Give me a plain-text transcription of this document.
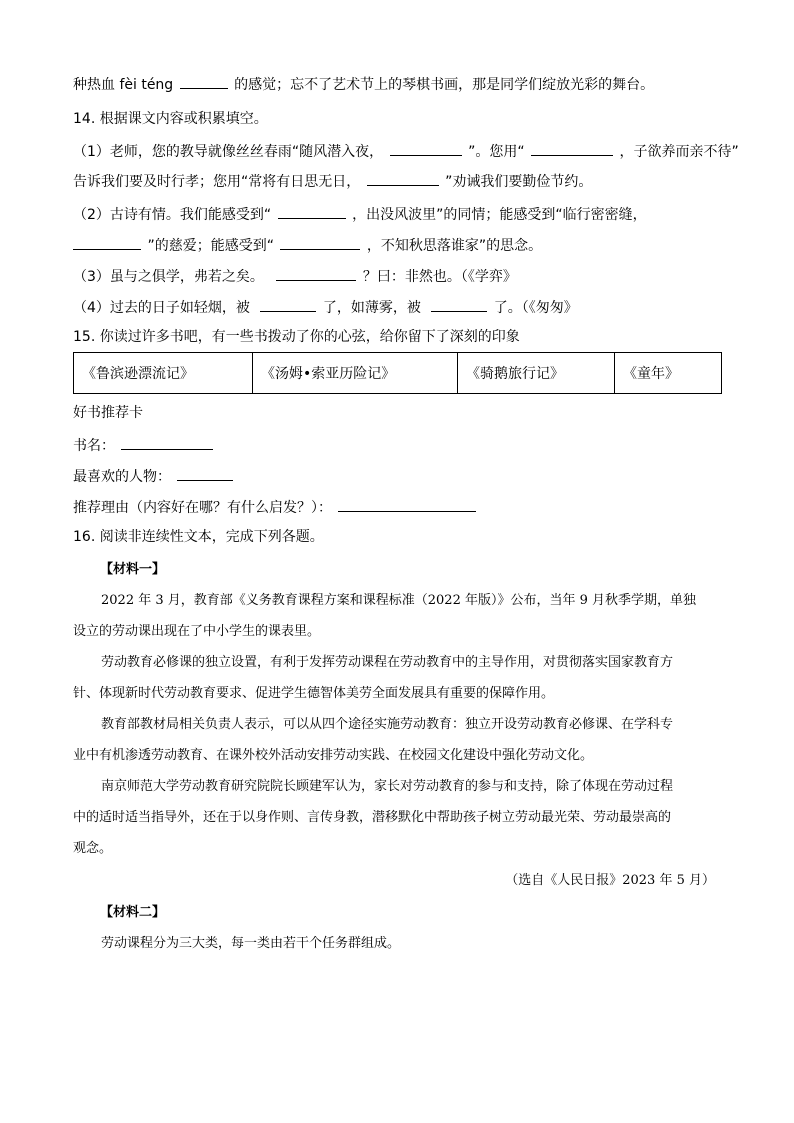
种热血 fèi téng	的感觉；忘不了艺术节上的琴棋书画，那是同学们绽放光彩的舞台。
14. 根据课文内容或积累填空。
（1）老师，您的教导就像丝丝春雨“随风潜入夜，	”。您用“	，子欲养而亲不待”
告诉我们要及时行孝；您用“常将有日思无日，	”劝诫我们要勤俭节约。
（2）古诗有情。我们能感受到“	，出没风波里”的同情；能感受到“临行密密缝，
”的慈爱；能感受到“	，不知秋思落谁家”的思念。
（3）虽与之俱学，弗若之矣。	？曰：非然也。（《学弈》
（4）过去的日子如轻烟，被	了，如薄雾，被	了。（《匆匆》
15. 你读过许多书吧，有一些书拨动了你的心弦，给你留下了深刻的印象
《鲁滨逊漂流记》	《汤姆•索亚历险记》	《骑鹅旅行记》	《童年》
好书推荐卡
书名：
最喜欢的人物：
推荐理由（内容好在哪？有什么启发？）：
16. 阅读非连续性文本，完成下列各题。
【材料一】
2022 年 3 月，教育部《义务教育课程方案和课程标准（2022 年版）》公布，当年 9 月秋季学期，单独
设立的劳动课出现在了中小学生的课表里。
劳动教育必修课的独立设置，有利于发挥劳动课程在劳动教育中的主导作用，对贯彻落实国家教育方
针、体现新时代劳动教育要求、促进学生德智体美劳全面发展具有重要的保障作用。
教育部教材局相关负责人表示，可以从四个途径实施劳动教育：独立开设劳动教育必修课、在学科专
业中有机渗透劳动教育、在课外校外活动安排劳动实践、在校园文化建设中强化劳动文化。
南京师范大学劳动教育研究院院长顾建军认为，家长对劳动教育的参与和支持，除了体现在劳动过程
中的适时适当指导外，还在于以身作则、言传身教，潜移默化中帮助孩子树立劳动最光荣、劳动最崇高的
观念。
（选自《人民日报》2023 年 5 月）
【材料二】
劳动课程分为三大类，每一类由若干个任务群组成。
